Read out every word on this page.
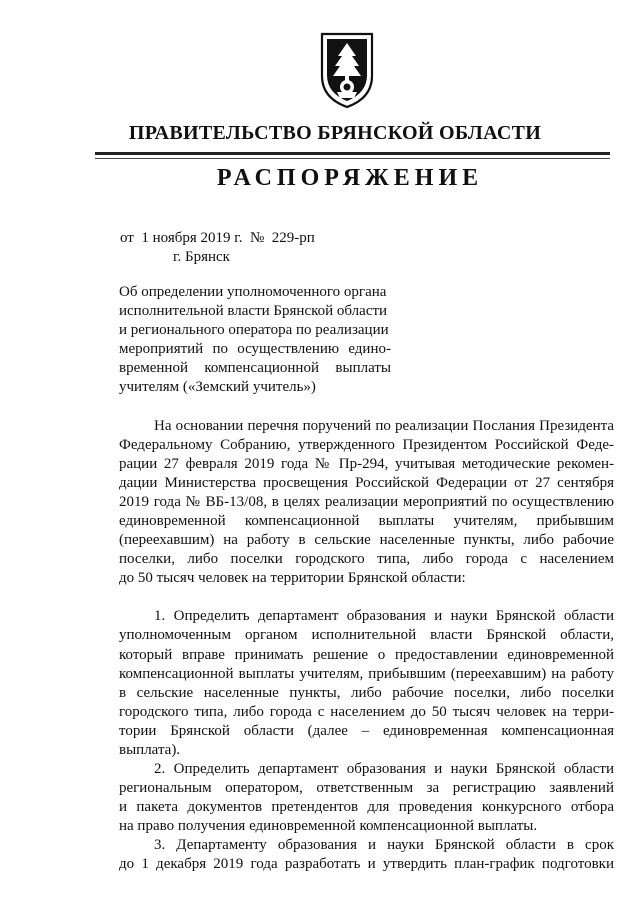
ПРАВИТЕЛЬСТВО БРЯНСКОЙ ОБЛАСТИ
РАСПОРЯЖЕНИЕ
от  1 ноября 2019 г.  №  229-рп
г. Брянск
Об определении уполномоченного органа
исполнительной власти Брянской области
и регионального оператора по реализации
мероприятий по осуществлению едино-
временной компенсационной выплаты
учителям («Земский учитель»)
На основании перечня поручений по реализации Послания Президента
Федеральному Собранию, утвержденного Президентом Российской Феде-
рации 27 февраля 2019 года № Пр-294, учитывая методические рекомен-
дации Министерства просвещения Российской Федерации от 27 сентября
2019 года № ВБ-13/08, в целях реализации мероприятий по осуществлению
единовременной компенсационной выплаты учителям, прибывшим
(переехавшим) на работу в сельские населенные пункты, либо рабочие
поселки, либо поселки городского типа, либо города с населением
до 50 тысяч человек на территории Брянской области:
1. Определить департамент образования и науки Брянской области
уполномоченным органом исполнительной власти Брянской области,
который вправе принимать решение о предоставлении единовременной
компенсационной выплаты учителям, прибывшим (переехавшим) на работу
в сельские населенные пункты, либо рабочие поселки, либо поселки
городского типа, либо города с населением до 50 тысяч человек на терри-
тории Брянской области (далее – единовременная компенсационная
выплата).
2. Определить департамент образования и науки Брянской области
региональным оператором, ответственным за регистрацию заявлений
и пакета документов претендентов для проведения конкурсного отбора
на право получения единовременной компенсационной выплаты.
3. Департаменту образования и науки Брянской области в срок
до 1 декабря 2019 года разработать и утвердить план-график подготовки
